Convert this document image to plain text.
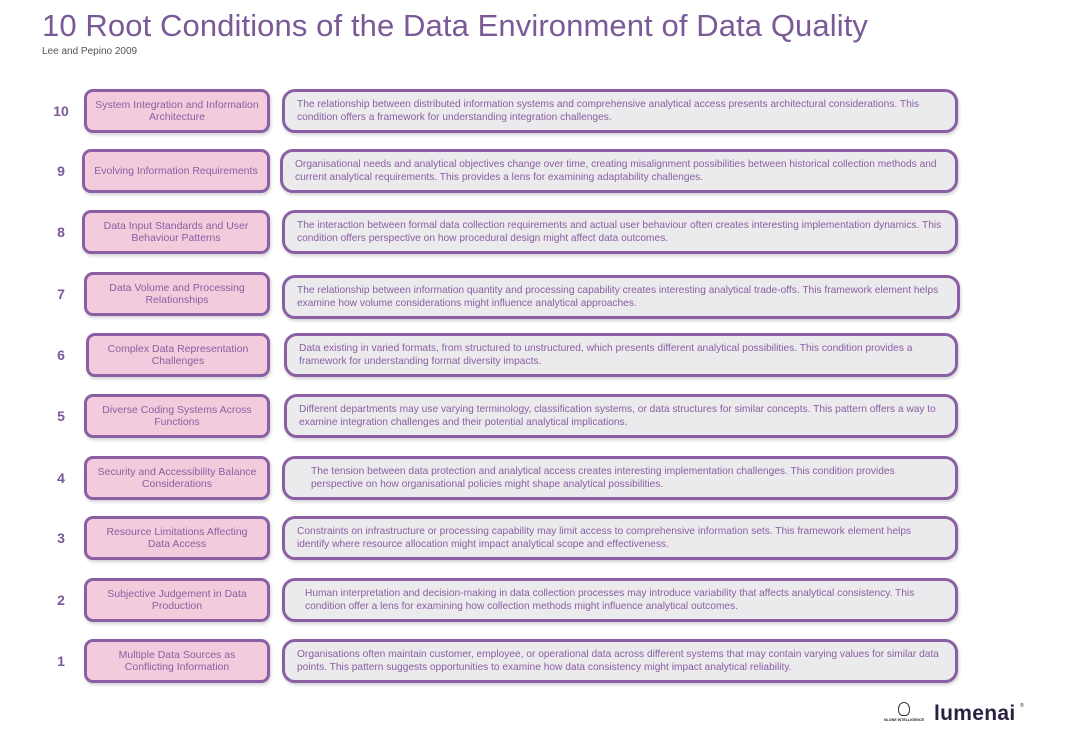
10 Root Conditions of the Data Environment of Data Quality
Lee and Pepino 2009
10	System Integration and Information Architecture
The relationship between distributed information systems and comprehensive analytical access presents architectural considerations. This condition offers a framework for understanding integration challenges.
9	Evolving Information Requirements
Organisational needs and analytical objectives change over time, creating misalignment possibilities between historical collection methods and current analytical requirements. This provides a lens for examining adaptability challenges.
8	Data Input Standards and User Behaviour Patterns
The interaction between formal data collection requirements and actual user behaviour often creates interesting implementation dynamics. This condition offers perspective on how procedural design might affect data outcomes.
7	Data Volume and Processing Relationships
The relationship between information quantity and processing capability creates interesting analytical trade-offs. This framework element helps examine how volume considerations might influence analytical approaches.
6	Complex Data Representation Challenges
Data existing in varied formats, from structured to unstructured, which presents different analytical possibilities. This condition provides a framework for understanding format diversity impacts.
5	Diverse Coding Systems Across Functions
Different departments may use varying terminology, classification systems, or data structures for similar concepts. This pattern offers a way to examine integration challenges and their potential analytical implications.
4	Security and Accessibility Balance Considerations
The tension between data protection and analytical access creates interesting implementation challenges. This condition provides perspective on how organisational policies might shape analytical possibilities.
3	Resource Limitations Affecting Data Access
Constraints on infrastructure or processing capability may limit access to comprehensive information sets. This framework element helps identify where resource allocation might impact analytical scope and effectiveness.
2	Subjective Judgement in Data Production
Human interpretation and decision-making in data collection processes may introduce variability that affects analytical consistency. This condition offer a lens for examining how collection methods might influence analytical outcomes.
1	Multiple Data Sources as Conflicting Information
Organisations often maintain customer, employee, or operational data across different systems that may contain varying values for similar data points. This pattern suggests opportunities to examine how data consistency might impact analytical reliability.
NLONE INTELLIGENCE lumenai ®
